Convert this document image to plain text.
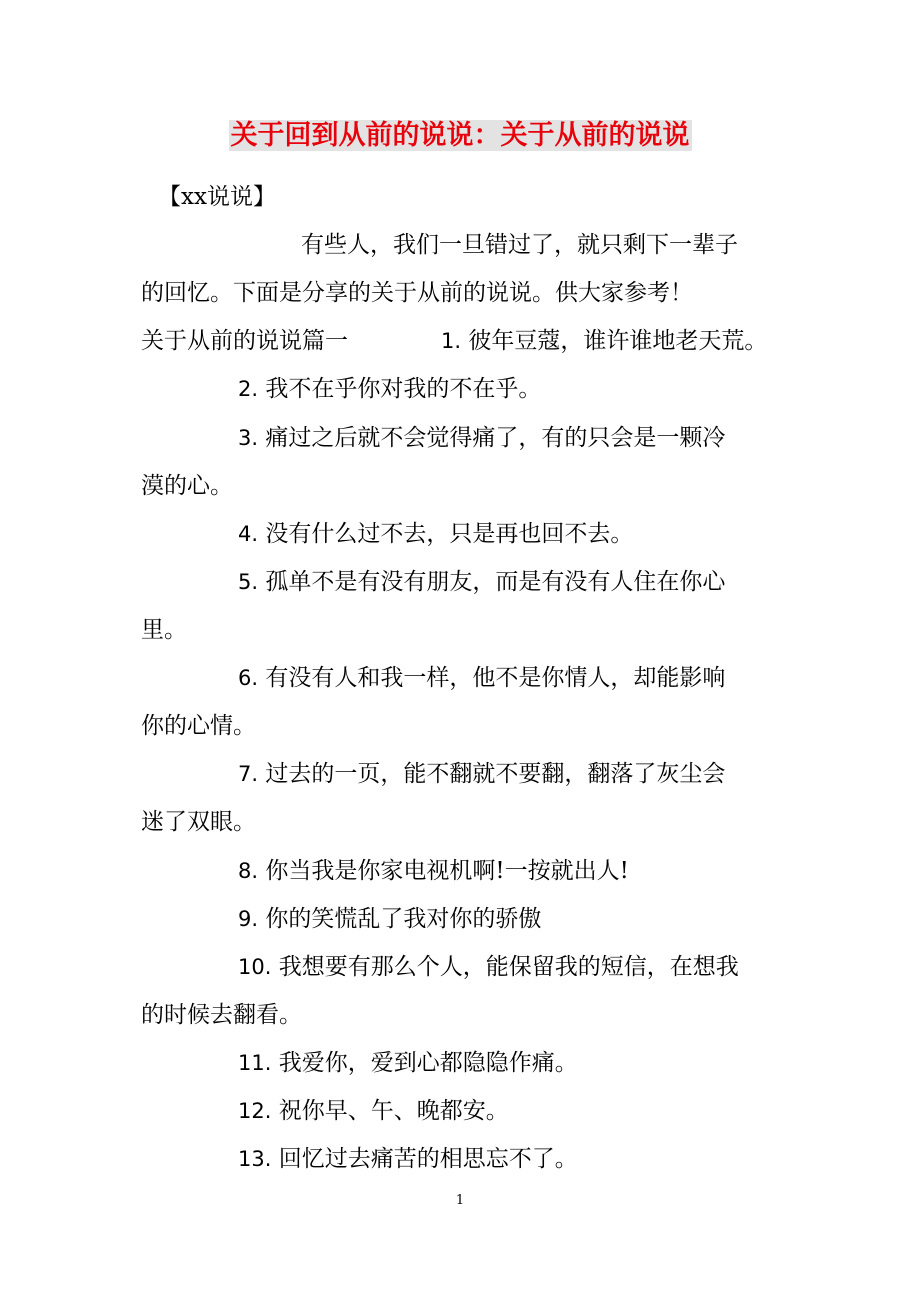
关于回到从前的说说：关于从前的说说
【xx说说】
有些人，我们一旦错过了，就只剩下一辈子
的回忆。下面是分享的关于从前的说说。供大家参考！
关于从前的说说篇一	1. 彼年豆蔻，谁许谁地老天荒。
2. 我不在乎你对我的不在乎。
3. 痛过之后就不会觉得痛了，有的只会是一颗冷
漠的心。
4. 没有什么过不去，只是再也回不去。
5. 孤单不是有没有朋友，而是有没有人住在你心
里。
6. 有没有人和我一样，他不是你情人，却能影响
你的心情。
7. 过去的一页，能不翻就不要翻，翻落了灰尘会
迷了双眼。
8. 你当我是你家电视机啊!一按就出人!
9. 你的笑慌乱了我对你的骄傲
10. 我想要有那么个人，能保留我的短信，在想我
的时候去翻看。
11. 我爱你，爱到心都隐隐作痛。
12. 祝你早、午、晚都安。
13. 回忆过去痛苦的相思忘不了。
1
